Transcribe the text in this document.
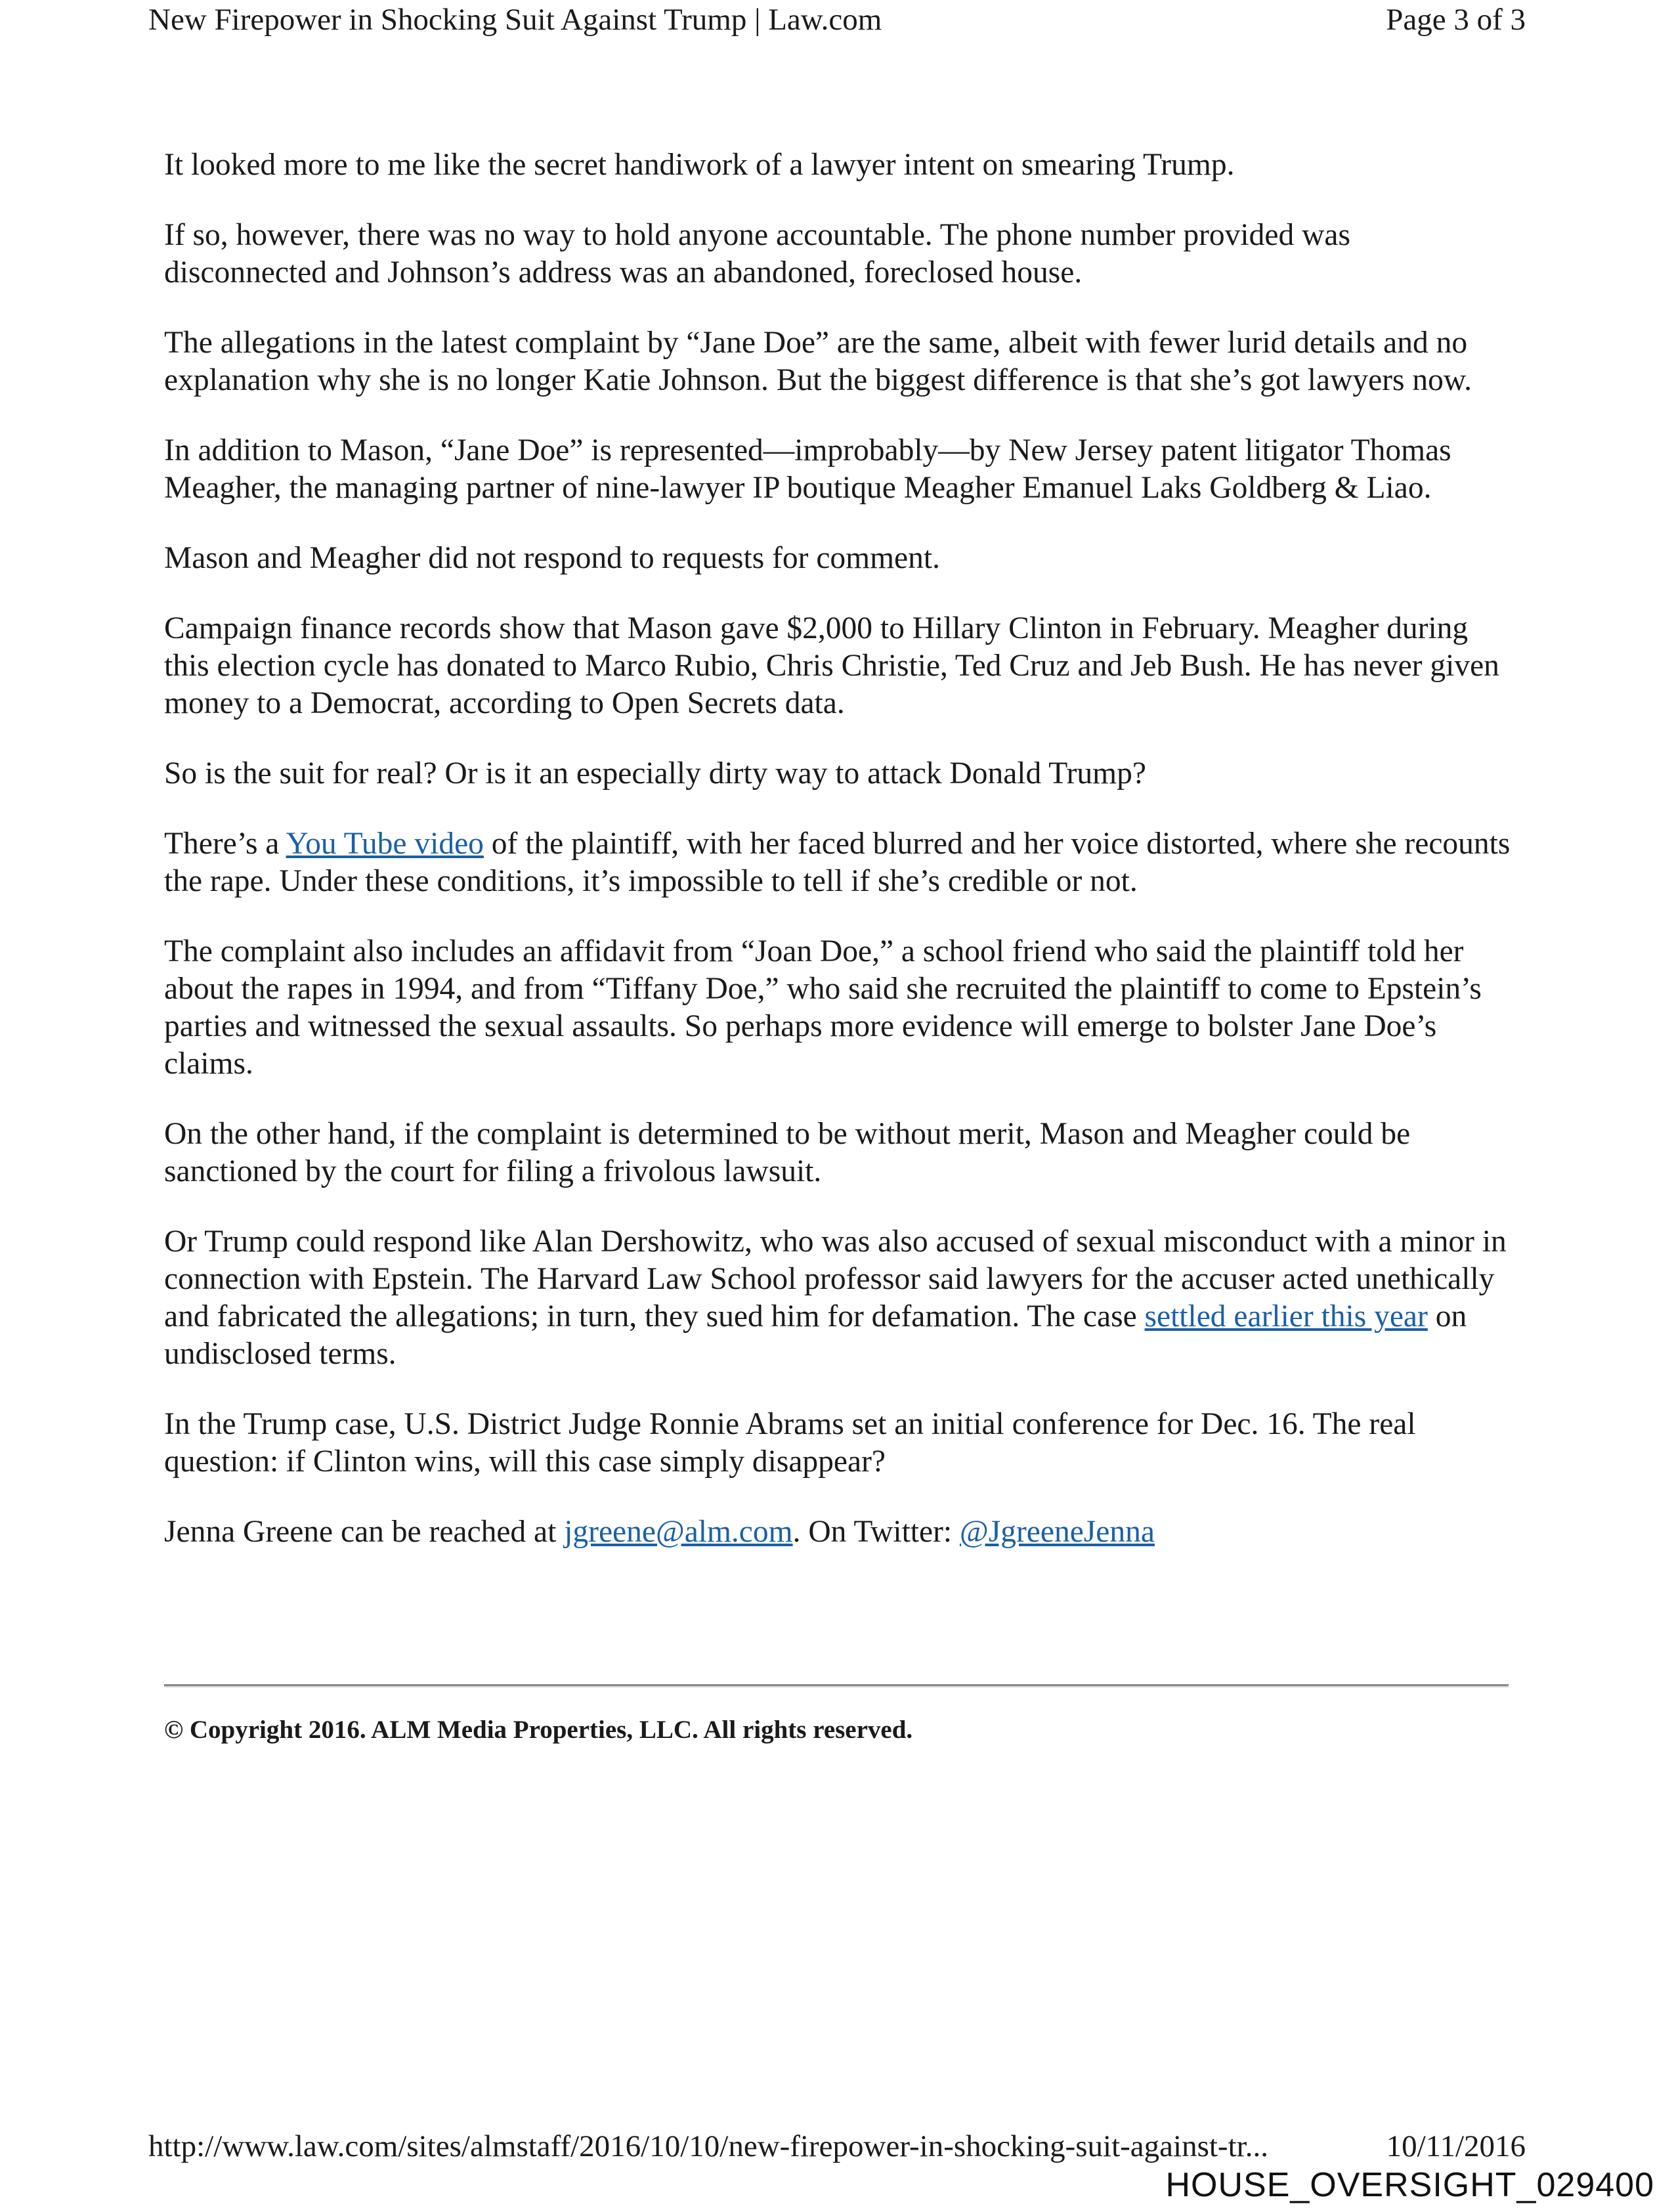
New Firepower in Shocking Suit Against Trump | Law.com	Page 3 of 3

It looked more to me like the secret handiwork of a lawyer intent on smearing Trump.

If so, however, there was no way to hold anyone accountable. The phone number provided was disconnected and Johnson’s address was an abandoned, foreclosed house.

The allegations in the latest complaint by “Jane Doe” are the same, albeit with fewer lurid details and no explanation why she is no longer Katie Johnson. But the biggest difference is that she’s got lawyers now.

In addition to Mason, “Jane Doe” is represented—improbably—by New Jersey patent litigator Thomas Meagher, the managing partner of nine-lawyer IP boutique Meagher Emanuel Laks Goldberg & Liao.

Mason and Meagher did not respond to requests for comment.

Campaign finance records show that Mason gave $2,000 to Hillary Clinton in February. Meagher during this election cycle has donated to Marco Rubio, Chris Christie, Ted Cruz and Jeb Bush. He has never given money to a Democrat, according to Open Secrets data.

So is the suit for real? Or is it an especially dirty way to attack Donald Trump?

There’s a You Tube video of the plaintiff, with her faced blurred and her voice distorted, where she recounts the rape. Under these conditions, it’s impossible to tell if she’s credible or not.

The complaint also includes an affidavit from “Joan Doe,” a school friend who said the plaintiff told her about the rapes in 1994, and from “Tiffany Doe,” who said she recruited the plaintiff to come to Epstein’s parties and witnessed the sexual assaults. So perhaps more evidence will emerge to bolster Jane Doe’s claims.

On the other hand, if the complaint is determined to be without merit, Mason and Meagher could be sanctioned by the court for filing a frivolous lawsuit.

Or Trump could respond like Alan Dershowitz, who was also accused of sexual misconduct with a minor in connection with Epstein. The Harvard Law School professor said lawyers for the accuser acted unethically and fabricated the allegations; in turn, they sued him for defamation. The case settled earlier this year on undisclosed terms.

In the Trump case, U.S. District Judge Ronnie Abrams set an initial conference for Dec. 16. The real question: if Clinton wins, will this case simply disappear?

Jenna Greene can be reached at jgreene@alm.com. On Twitter: @JgreeneJenna

© Copyright 2016. ALM Media Properties, LLC. All rights reserved.
http://www.law.com/sites/almstaff/2016/10/10/new-firepower-in-shocking-suit-against-tr...	10/11/2016
HOUSE_OVERSIGHT_029400
